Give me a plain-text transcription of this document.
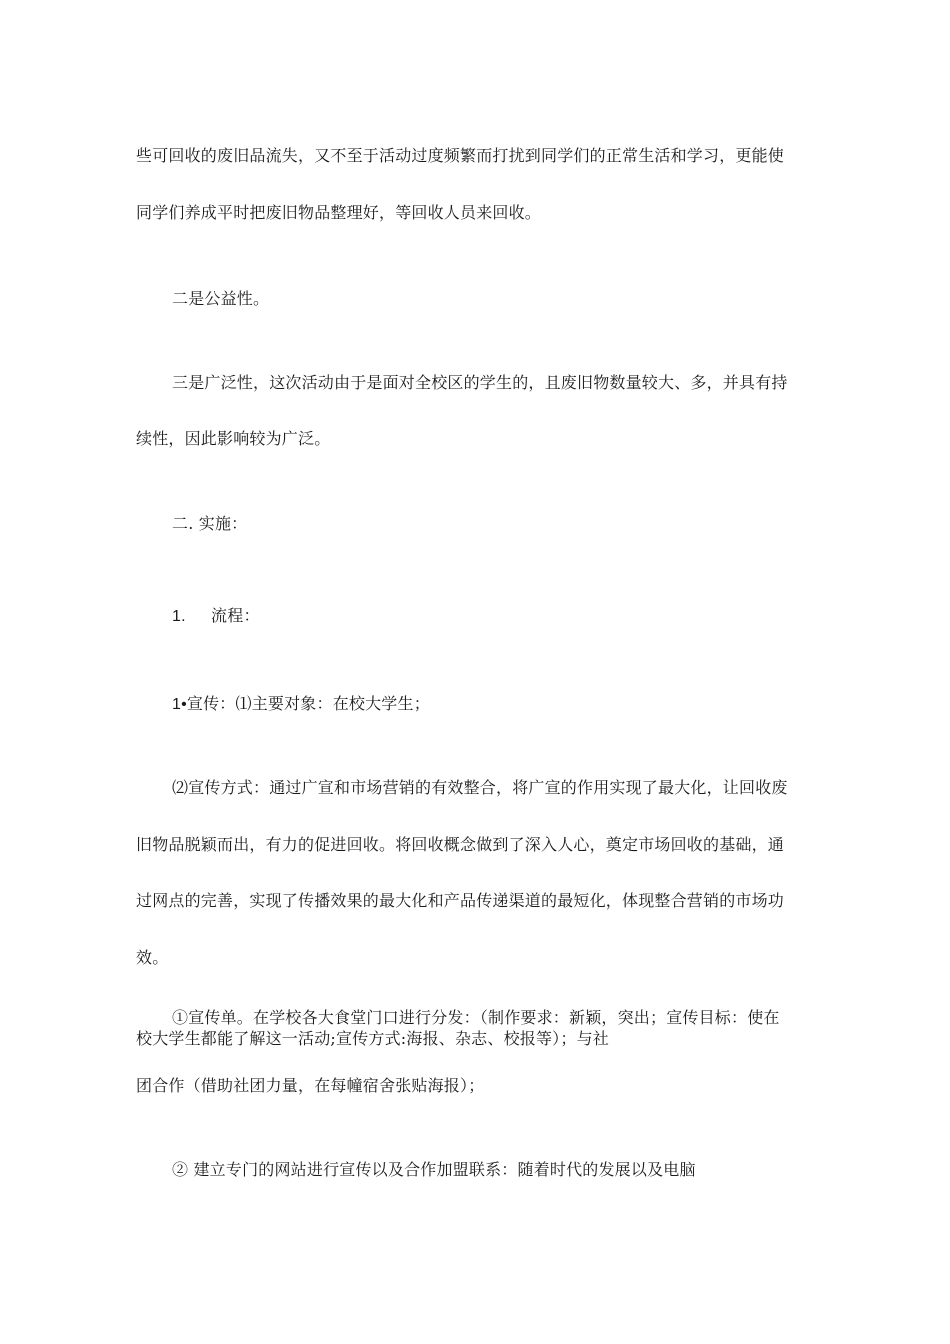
些可回收的废旧品流失，又不至于活动过度频繁而打扰到同学们的正常生活和学习，更能使
同学们养成平时把废旧物品整理好，等回收人员来回收。
二是公益性。
三是广泛性，这次活动由于是面对全校区的学生的，且废旧物数量较大、多，并具有持
续性，因此影响较为广泛。
二. 实施：
1. 流程：
1•宣传：⑴主要对象：在校大学生；
⑵宣传方式：通过广宣和市场营销的有效整合，将广宣的作用实现了最大化，让回收废
旧物品脱颖而出，有力的促进回收。将回收概念做到了深入人心，奠定市场回收的基础，通
过网点的完善，实现了传播效果的最大化和产品传递渠道的最短化，体现整合营销的市场功
效。
①宣传单。在学校各大食堂门口进行分发：（制作要求：新颖，突出；宣传目标：使在
校大学生都能了解这一活动;宣传方式:海报、杂志、校报等）；与社
团合作（借助社团力量，在每幢宿舍张贴海报）；
② 建立专门的网站进行宣传以及合作加盟联系：随着时代的发展以及电脑
